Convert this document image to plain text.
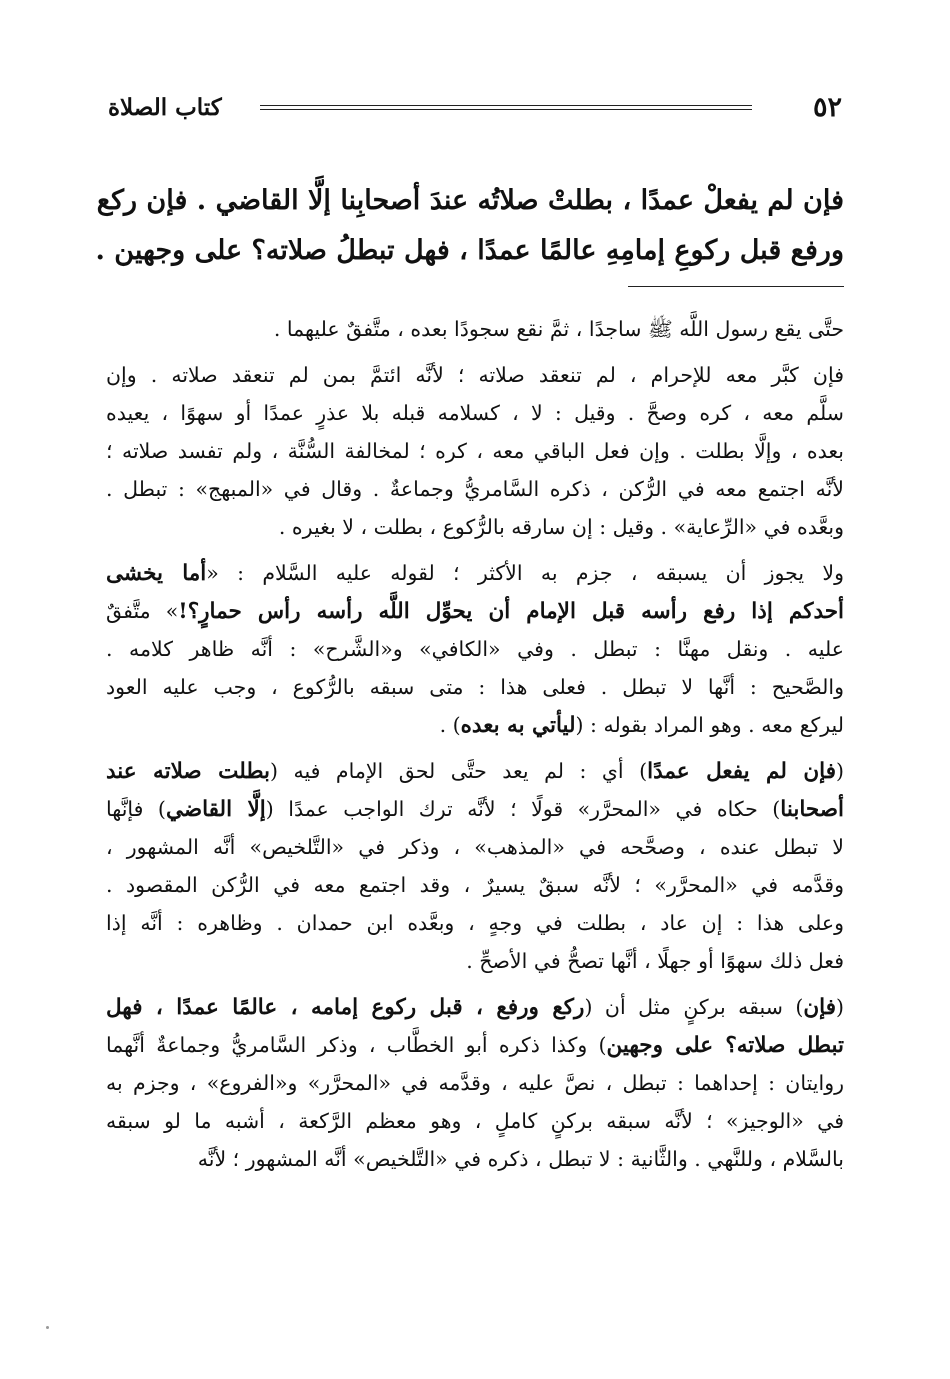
٥٢
كتاب الصلاة
فإن لم يفعلْ عمدًا ، بطلتْ صلاتُه عندَ أصحابِنا إلَّا القاضي . فإن ركع
ورفع قبل ركوعِ إمامِهِ عالمًا عمدًا ، فهل تبطلُ صلاته؟ على وجهين .
حتَّى يقع رسول اللَّه ﷺ ساجدًا ، ثمَّ نقع سجودًا بعده ، متَّفقٌ عليهما .
فإن كبَّر معه للإحرام ، لم تنعقد صلاته ؛ لأنَّه ائتمَّ بمن لم تنعقد صلاته . وإن
سلَّم معه ، كره وصحَّ . وقيل : لا ، كسلامه قبله بلا عذرٍ عمدًا أو سهوًا ، يعيده
بعده ، وإلَّا بطلت . وإن فعل الباقي معه ، كره ؛ لمخالفة السُّنَّة ، ولم تفسد صلاته ؛
لأنَّه اجتمع معه في الرُّكن ، ذكره السَّامريُّ وجماعةٌ . وقال في «المبهج» : تبطل .
وبعَّده في «الرِّعاية» . وقيل : إن سارقه بالرُّكوع ، بطلت ، لا بغيره .
ولا يجوز أن يسبقه ، جزم به الأكثر ؛ لقوله عليه السَّلام : «أما يخشى
أحدكم إذا رفع رأسه قبل الإمام أن يحوِّل اللَّه رأسه رأس حمارٍ؟!» متَّفقٌ
عليه . ونقل مهنَّا : تبطل . وفي «الكافي» و«الشَّرح» : أنَّه ظاهر كلامه .
والصَّحيح : أنَّها لا تبطل . فعلى هذا : متى سبقه بالرُّكوع ، وجب عليه العود
ليركع معه . وهو المراد بقوله : (ليأتي به بعده) .
(فإن لم يفعل عمدًا) أي : لم يعد حتَّى لحق الإمام فيه (بطلت صلاته عند
أصحابنا) حكاه في «المحرَّر» قولًا ؛ لأنَّه ترك الواجب عمدًا (إلَّا القاضي) فإنَّها
لا تبطل عنده ، وصحَّحه في «المذهب» ، وذكر في «التَّلخيص» أنَّه المشهور ،
وقدَّمه في «المحرَّر» ؛ لأنَّه سبقٌ يسيرٌ ، وقد اجتمع معه في الرُّكن المقصود .
وعلى هذا : إن عاد ، بطلت في وجهٍ ، وبعَّده ابن حمدان . وظاهره : أنَّه إذا
فعل ذلك سهوًا أو جهلًا ، أنَّها تصحُّ في الأصحِّ .
(فإن) سبقه بركنٍ مثل أن (ركع ورفع ، قبل ركوع إمامه ، عالمًا عمدًا ، فهل
تبطل صلاته؟ على وجهين) وكذا ذكره أبو الخطَّاب ، وذكر السَّامريُّ وجماعةٌ أنَّهما
روايتان : إحداهما : تبطل ، نصَّ عليه ، وقدَّمه في «المحرَّر» و«الفروع» ، وجزم به
في «الوجيز» ؛ لأنَّه سبقه بركنٍ كاملٍ ، وهو معظم الرَّكعة ، أشبه ما لو سبقه
بالسَّلام ، وللنَّهي . والثَّانية : لا تبطل ، ذكره في «التَّلخيص» أنَّه المشهور ؛ لأنَّه
